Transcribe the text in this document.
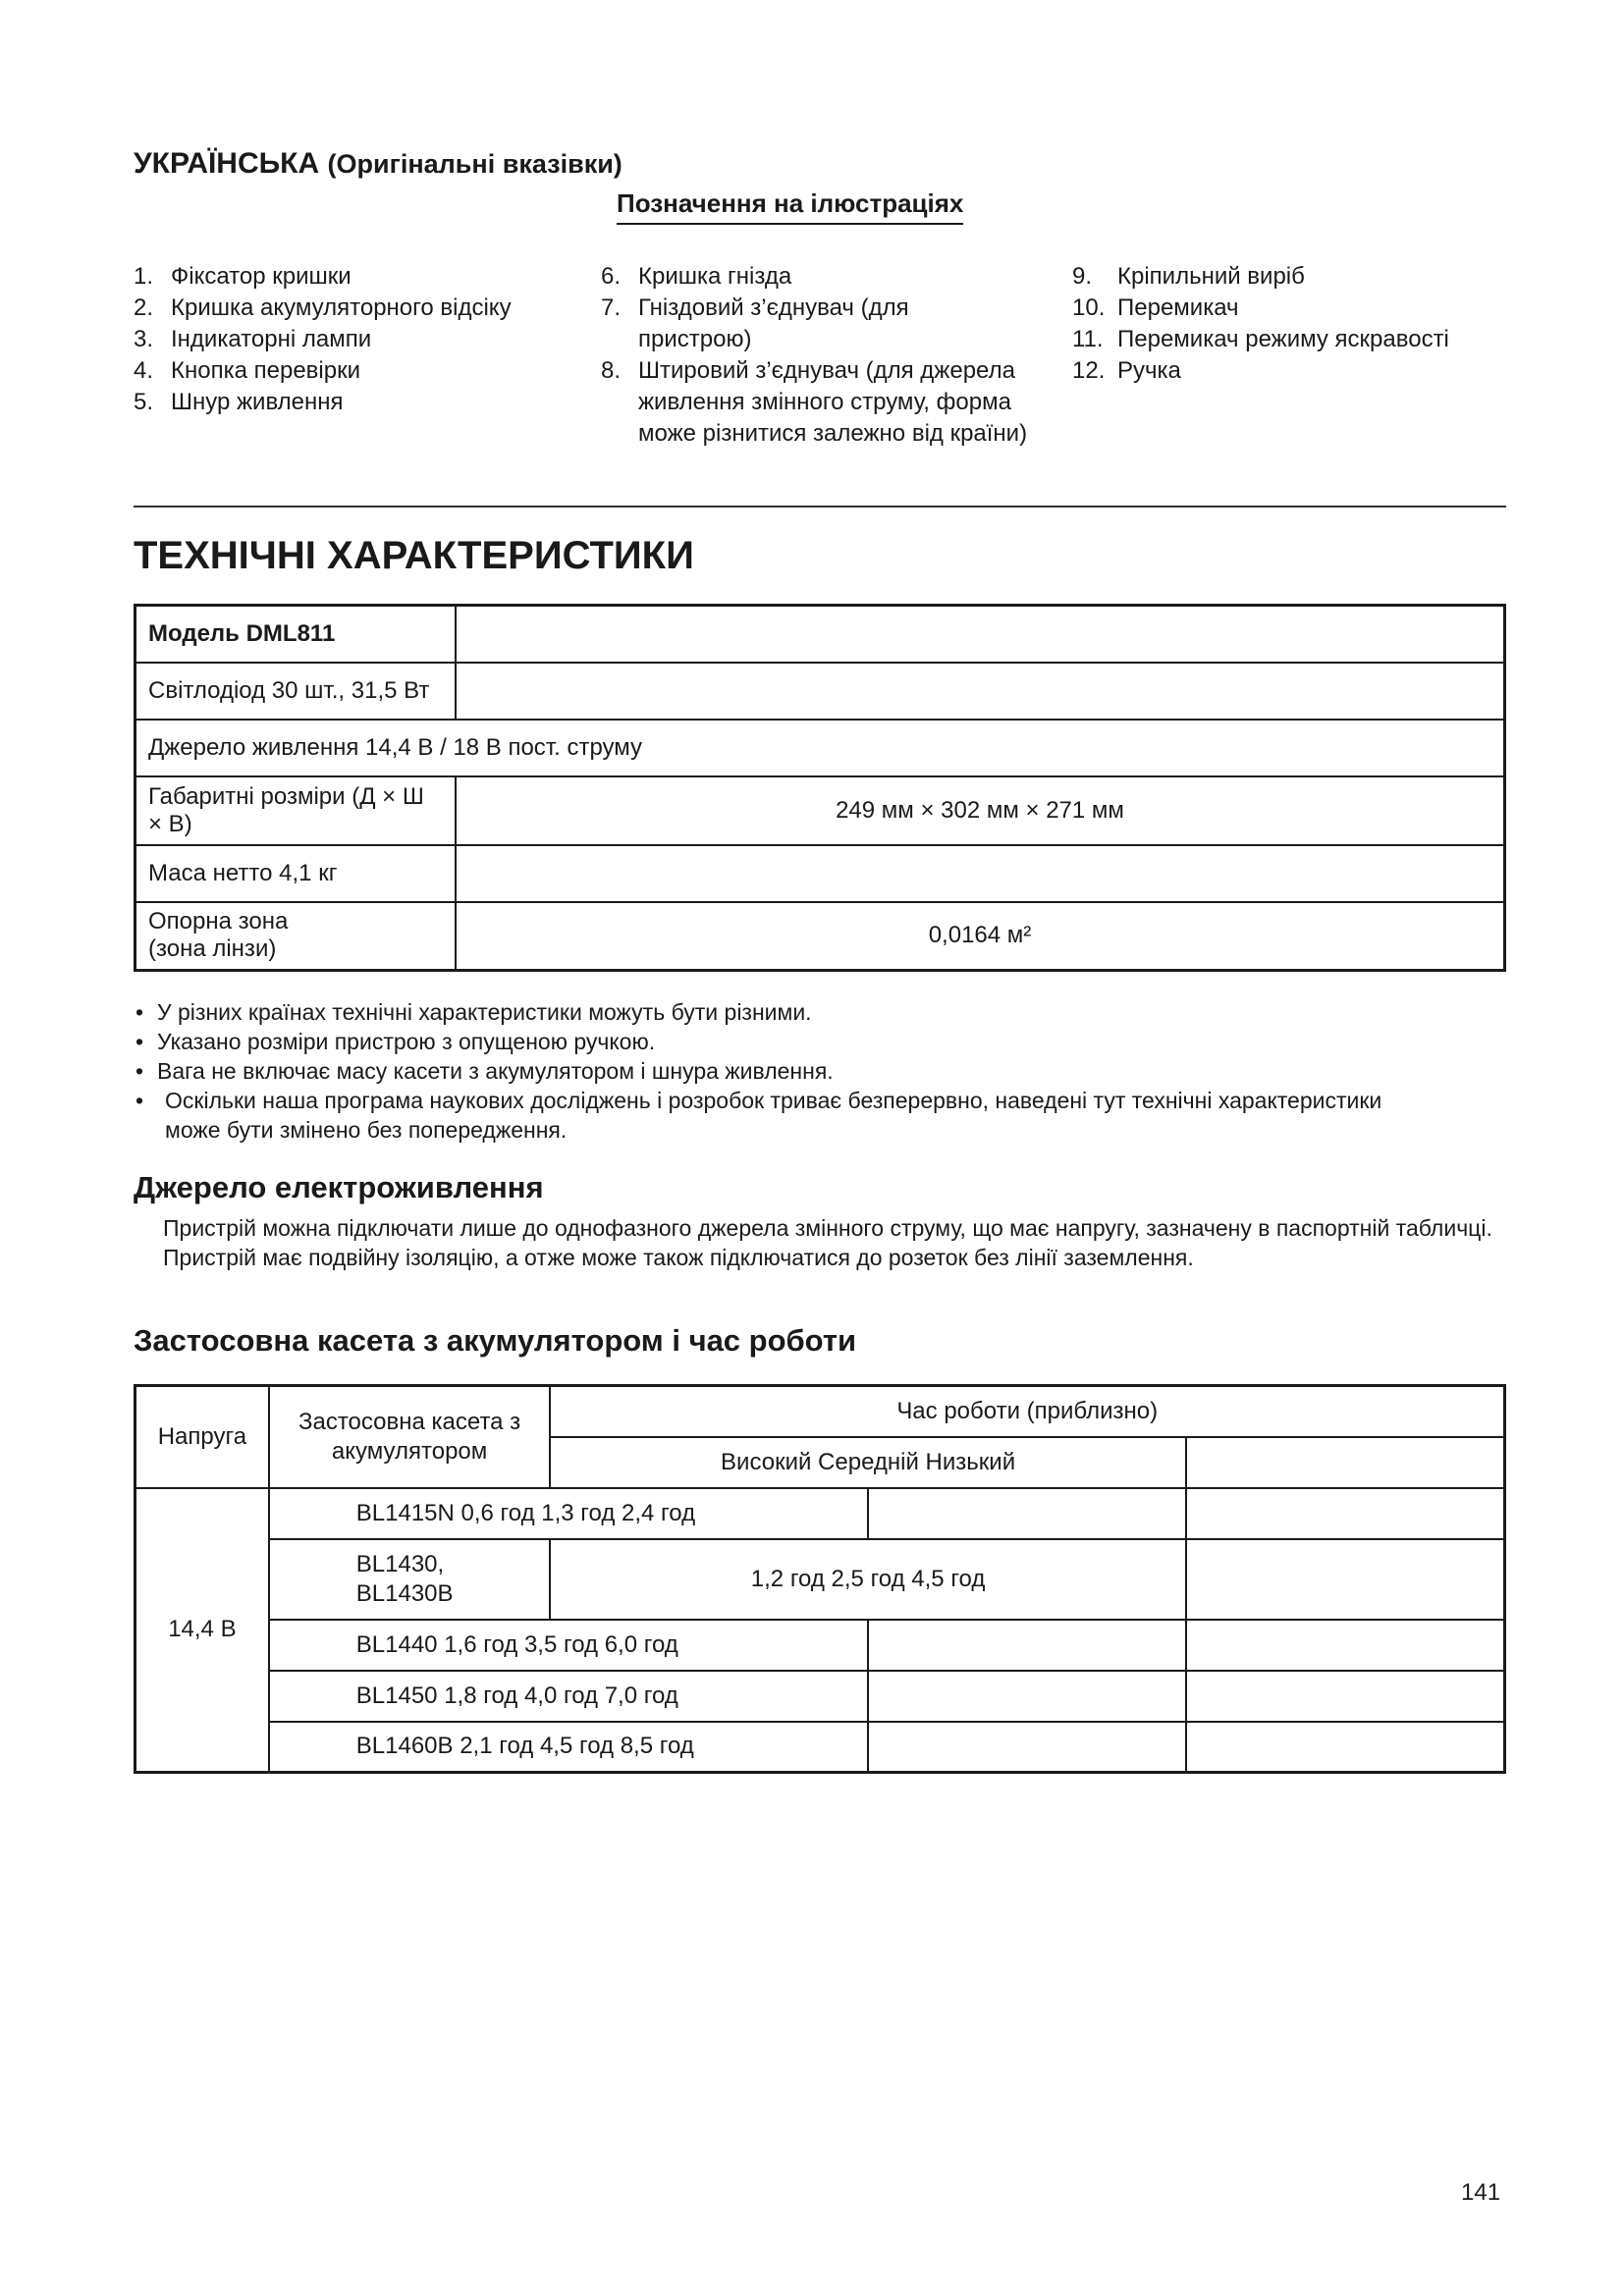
УКРАЇНСЬКА (Оригінальні вказівки)
Позначення на ілюстраціях
1. Фіксатор кришки
2. Кришка акумуляторного відсіку
3. Індикаторні лампи
4. Кнопка перевірки
5. Шнур живлення
6. Кришка гнізда
7. Гніздовий з’єднувач (для пристрою)
8. Штировий з’єднувач (для джерела живлення змінного струму, форма може різнитися залежно від країни)
9. Кріпильний виріб
10. Перемикач
11. Перемикач режиму яскравості
12. Ручка
ТЕХНІЧНІ ХАРАКТЕРИСТИКИ
Модель DML811	
Світлодіод 30 шт., 31,5 Вт	
Джерело живлення 14,4 В / 18 В пост. струму	
Габаритні розміри (Д × Ш × В)	249 мм × 302 мм × 271 мм
Маса нетто 4,1 кг	
Опорна зона (зона лінзи)	0,0164 м²
• У різних країнах технічні характеристики можуть бути різними.
• Указано розміри пристрою з опущеною ручкою.
• Вага не включає масу касети з акумулятором і шнура живлення.
• Оскільки наша програма наукових досліджень і розробок триває безперервно, наведені тут технічні характеристики може бути змінено без попередження.
Джерело електроживлення
Пристрій можна підключати лише до однофазного джерела змінного струму, що має напругу, зазначену в паспортній табличці. Пристрій має подвійну ізоляцію, а отже може також підключатися до розеток без лінії заземлення.
Застосовна касета з акумулятором і час роботи
Напруга	Застосовна касета з акумулятором	Час роботи (приблизно)		
		Високий Середній Низький		
14,4 В	BL1415N 0,6 год 1,3 год 2,4 год			
	BL1430, BL1430B	1,2 год 2,5 год 4,5 год		
	BL1440 1,6 год 3,5 год 6,0 год			
	BL1450 1,8 год 4,0 год 7,0 год			
	BL1460B 2,1 год 4,5 год 8,5 год			
141
